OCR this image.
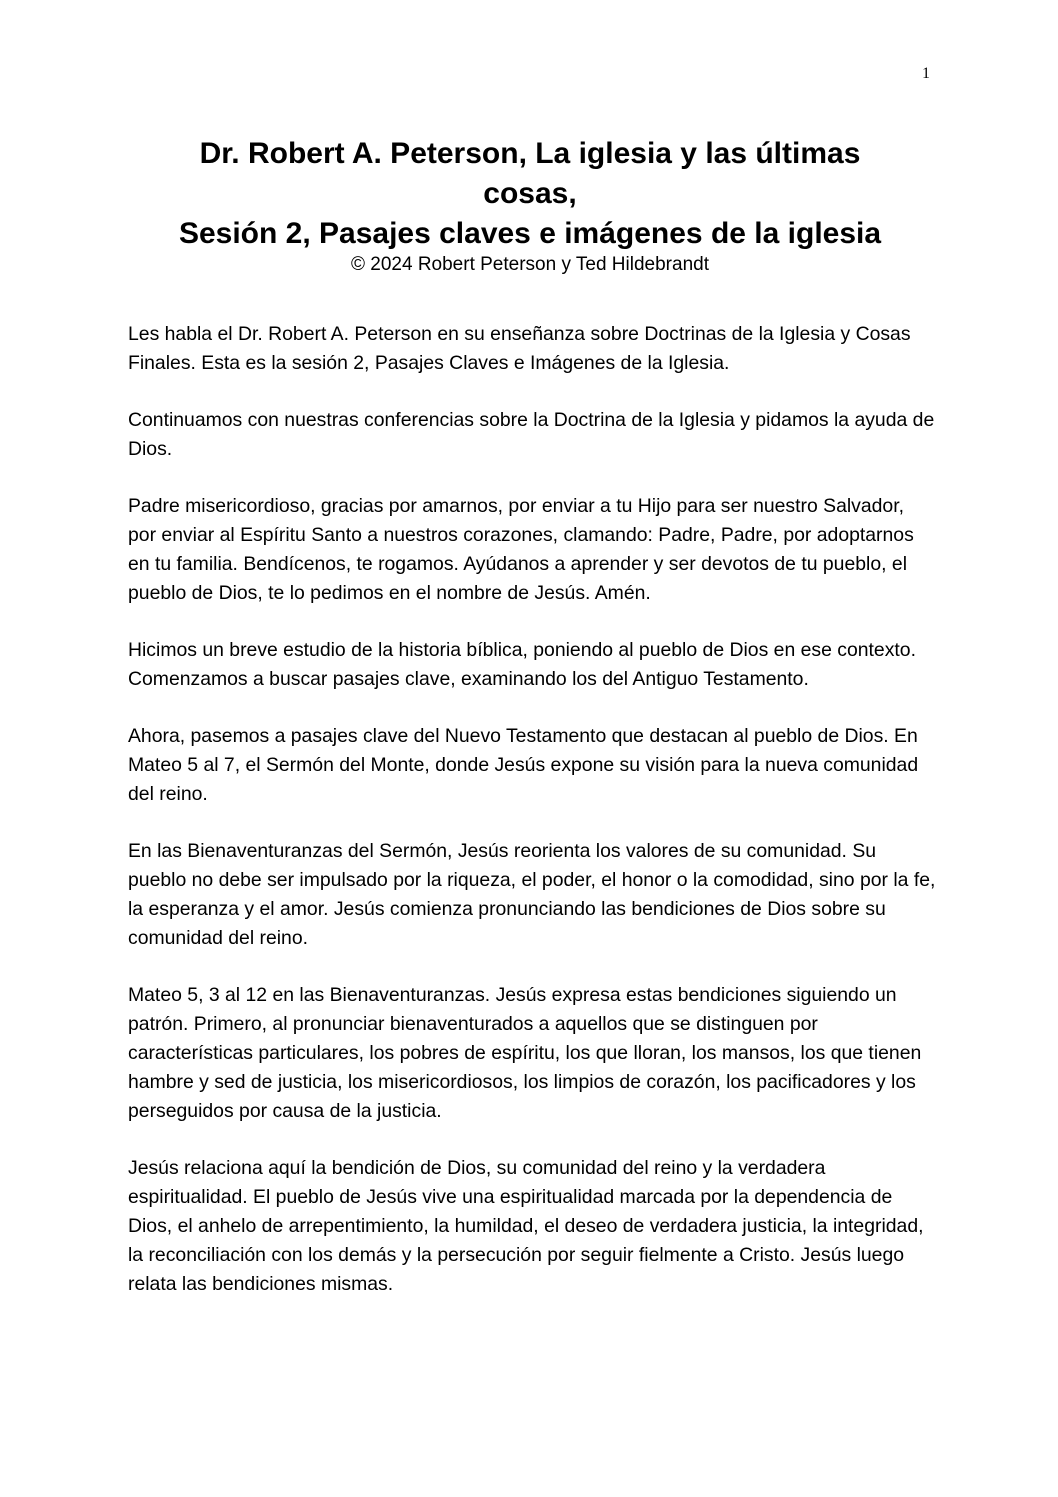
1
Dr. Robert A. Peterson, La iglesia y las últimas
cosas,
Sesión 2, Pasajes claves e imágenes de la iglesia

© 2024 Robert Peterson y Ted Hildebrandt

Les habla el Dr. Robert A. Peterson en su enseñanza sobre Doctrinas de la Iglesia y Cosas Finales. Esta es la sesión 2, Pasajes Claves e Imágenes de la Iglesia.

Continuamos con nuestras conferencias sobre la Doctrina de la Iglesia y pidamos la ayuda de Dios.

Padre misericordioso, gracias por amarnos, por enviar a tu Hijo para ser nuestro Salvador, por enviar al Espíritu Santo a nuestros corazones, clamando: Padre, Padre, por adoptarnos en tu familia. Bendícenos, te rogamos. Ayúdanos a aprender y ser devotos de tu pueblo, el pueblo de Dios, te lo pedimos en el nombre de Jesús. Amén.

Hicimos un breve estudio de la historia bíblica, poniendo al pueblo de Dios en ese contexto. Comenzamos a buscar pasajes clave, examinando los del Antiguo Testamento.

Ahora, pasemos a pasajes clave del Nuevo Testamento que destacan al pueblo de Dios. En Mateo 5 al 7, el Sermón del Monte, donde Jesús expone su visión para la nueva comunidad del reino.

En las Bienaventuranzas del Sermón, Jesús reorienta los valores de su comunidad. Su pueblo no debe ser impulsado por la riqueza, el poder, el honor o la comodidad, sino por la fe, la esperanza y el amor. Jesús comienza pronunciando las bendiciones de Dios sobre su comunidad del reino.

Mateo 5, 3 al 12 en las Bienaventuranzas. Jesús expresa estas bendiciones siguiendo un patrón. Primero, al pronunciar bienaventurados a aquellos que se distinguen por características particulares, los pobres de espíritu, los que lloran, los mansos, los que tienen hambre y sed de justicia, los misericordiosos, los limpios de corazón, los pacificadores y los perseguidos por causa de la justicia.

Jesús relaciona aquí la bendición de Dios, su comunidad del reino y la verdadera espiritualidad. El pueblo de Jesús vive una espiritualidad marcada por la dependencia de Dios, el anhelo de arrepentimiento, la humildad, el deseo de verdadera justicia, la integridad, la reconciliación con los demás y la persecución por seguir fielmente a Cristo. Jesús luego relata las bendiciones mismas.
